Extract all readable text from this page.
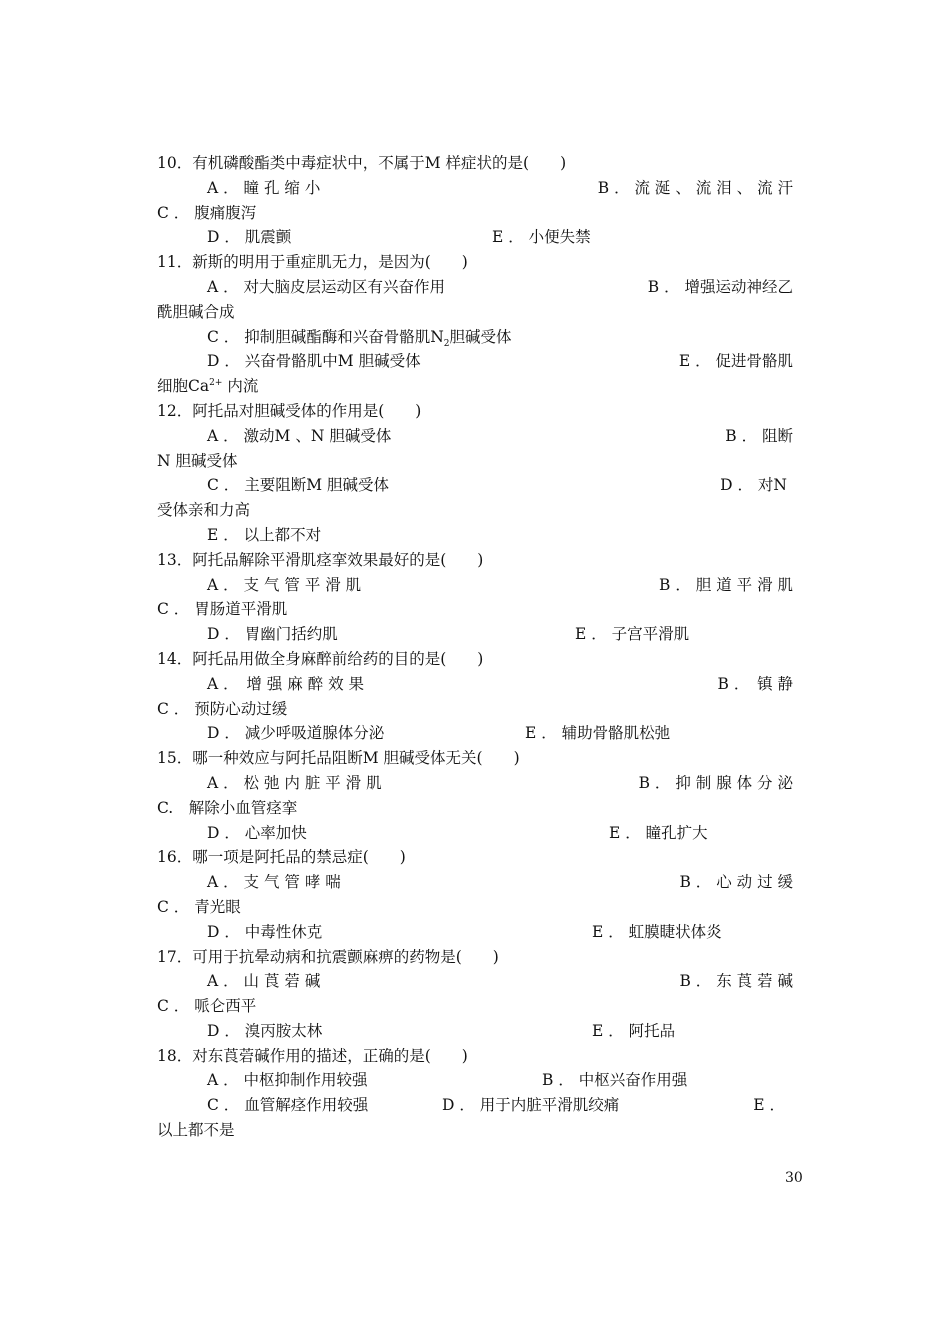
10．有机磷酸酯类中毒症状中，不属于M 样症状的是(　　)
A ． 瞳 孔 缩 小	B ． 流 涎 、 流 泪 、 流 汗
C ． 腹痛腹泻
D ． 肌震颤	E ． 小便失禁
11．新斯的明用于重症肌无力，是因为(　　)
A ． 对大脑皮层运动区有兴奋作用	B ． 增强运动神经乙
酰胆碱合成
C ． 抑制胆碱酯酶和兴奋骨骼肌$N_2$胆碱受体
D ． 兴奋骨骼肌中M 胆碱受体	E ． 促进骨骼肌
细胞$Ca^{2+}$ 内流
12．阿托品对胆碱受体的作用是(　　)
A ． 激动M 、N 胆碱受体	B ． 阻断
N 胆碱受体
C ． 主要阻断M 胆碱受体	D ． 对N
受体亲和力高
E ． 以上都不对
13．阿托品解除平滑肌痉挛效果最好的是(　　)
A ． 支 气 管 平 滑 肌	B ． 胆 道 平 滑 肌
C ． 胃肠道平滑肌
D ． 胃幽门括约肌	E ． 子宫平滑肌
14．阿托品用做全身麻醉前给药的目的是(　　)
A ．　增 强 麻 醉 效 果	B ．　镇 静
C ． 预防心动过缓
D ． 减少呼吸道腺体分泌	E ． 辅助骨骼肌松弛
15．哪一种效应与阿托品阻断M 胆碱受体无关(　　)
A ． 松 弛 内 脏 平 滑 肌	B ． 抑 制 腺 体 分 泌
C.　解除小血管痉挛
D ． 心率加快	E ． 瞳孔扩大
16．哪一项是阿托品的禁忌症(　　)
A ． 支 气 管 哮 喘	B ． 心 动 过 缓
C ． 青光眼
D ． 中毒性休克	E ． 虹膜睫状体炎
17．可用于抗晕动病和抗震颤麻痹的药物是(　　)
A ． 山 莨 菪 碱	B ． 东 莨 菪 碱
C ． 哌仑西平
D ． 溴丙胺太林	E ． 阿托品
18．对东莨菪碱作用的描述，正确的是(　　)
A ． 中枢抑制作用较强	B ． 中枢兴奋作用强
C ． 血管解痉作用较强	D ． 用于内脏平滑肌绞痛	E ．
以上都不是
30
